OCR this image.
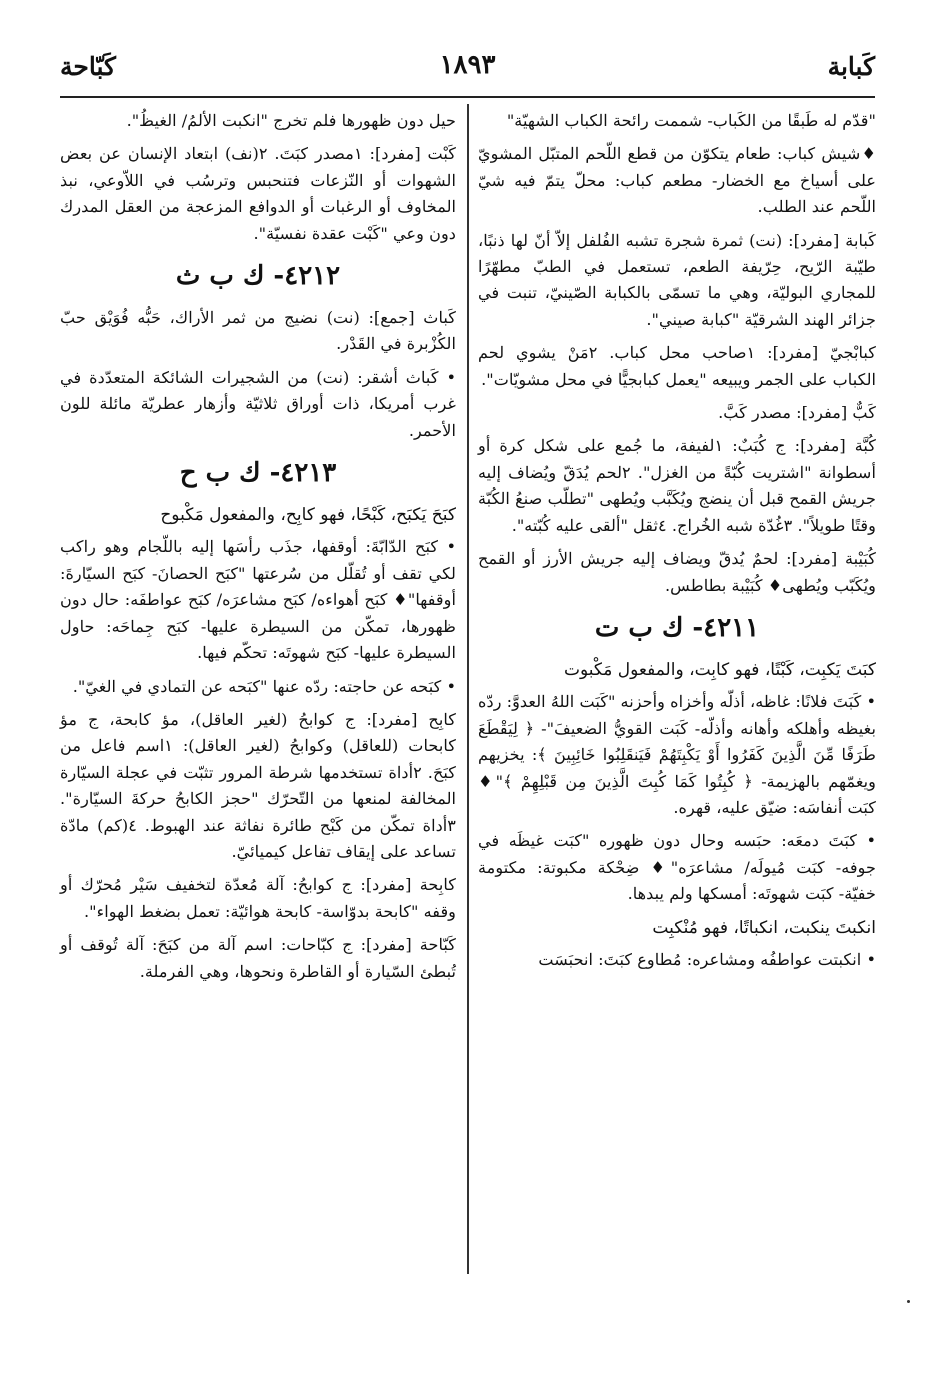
كَبابة
١٨٩٣
كَبّاحة

"قدّم له طَبقًا من الكَباب- شممت رائحة الكباب الشهيّة"

♦شيش كباب: طعام يتكوّن من قطع اللّحم المتبّل المشويّ على أسياخ مع الخضار- مطعم كباب: محلّ يتمّ فيه شيّ اللّحم عند الطلب.

كَبابة [مفرد]: (نت) ثمرة شجرة تشبه الفُلفل إلاّ أنّ لها ذنبًا، طيّبة الرّيح، حِرّيفة الطعم، تستعمل في الطبّ مطهّرًا للمجاري البوليّة، وهي ما تسمّى بالكبابة الصّينيّ، تنبت في جزائر الهند الشرقيّة "كبابة صيني".

كبابْجيّ [مفرد]: ١صاحب محل كباب. ٢مَنْ يشوي لحم الكباب على الجمر ويبيعه "يعمل كبابجيًّا في محل مشويّات".

كَبٌّ [مفرد]: مصدر كَبَّ.

كُبَّة [مفرد]: ج كُبَبٌ: ١لفيفة، ما جُمع على شكل كرة أو أسطوانة "اشتريت كُبّةً من الغزل". ٢لحم يُدَقّ ويُضاف إليه جريش القمح قبل أن ينضج ويُكَبَّب ويُطهى "تطلّب صنعُ الكُبّة وقتًا طويلاً". ٣غُدّة شبه الخُراج. ٤ثقل "ألقى عليه كُبّته".

كُبَيْبة [مفرد]: لحمٌ يُدقّ ويضاف إليه جريش الأرز أو القمح ويُكَبّب ويُطهى♦ كُبَيْبة بطاطس.

٤٢١١- ك ب ت

كبَتَ يَكبِت، كَبْتًا، فهو كابِت، والمفعول مَكْبوت

• كَبَتَ فلانًا: غاظه، أذلّه وأخزاه وأحزنه "كَبَت اللهُ العدوَّ: ردّه بغيظه وأهلكه وأهانه وأذلّه- كَبَت القويُّ الضعيفَ"- ﴿ لِيَقْطَعَ طَرَفًا مِّنَ الَّذِينَ كَفَرُوا أَوْ يَكْبِتَهُمْ فَيَنقَلِبُوا خَائِبِينَ ﴾: يخزيهم ويغمّهم بالهزيمة- ﴿ كُبِتُوا كَمَا كُبِتَ الَّذِينَ مِن قَبْلِهِمْ ﴾"♦ كبَت أنفاسَه: ضيّق عليه، قهره.

• كبَتَ دمعَه: حبَسه وحال دون ظهوره "كبَت غيظَه في جوفه- كبَت مُيولَه/ مشاعرَه"♦ ضِحْكة مكبوتة: مكتومة خفيّة- كبَت شهوتَه: أمسكها ولم يبدها.

انكبتَ ينكبت، انكباتًا، فهو مُنْكبِت

• انكبتت عواطفُه ومشاعره: مُطاوع كبَتَ: انحبَسَت

حيل دون ظهورها فلم تخرج "انكبت الألمُ/ الغيظُ".

كَبْت [مفرد]: ١مصدر كبَتَ. ٢(نف) ابتعاد الإنسان عن بعض الشهوات أو النّزعات فتنحبس وترسُب في اللاّوعي، نبذ المخاوف أو الرغبات أو الدوافع المزعجة من العقل المدرك دون وعي "كَبْت عقدة نفسيّة".

٤٢١٢- ك ب ث

كَباث [جمع]: (نت) نضيج من ثمر الأراك، حَبُّه فُوَيْق حبّ الكُزْبرة في القَدْر.

• كَباث أشقر: (نت) من الشجيرات الشائكة المتعدّدة في غرب أمريكا، ذات أوراق ثلاثيّة وأزهار عطريّة مائلة للون الأحمر.

٤٢١٣- ك ب ح

كبَحَ يَكبَح، كَبْحًا، فهو كابِح، والمفعول مَكْبوح

• كبَح الدّابّةَ: أوقفها، جذَب رأسَها إليه باللّجام وهو راكب لكي تقف أو تُقلّل من سُرعتها "كبَح الحصانَ- كبَح السيّارةَ: أوقفها"♦ كبَح أهواءه/ كبَح مشاعرَه/ كبَح عواطفَه: حال دون ظهورها، تمكّن من السيطرة عليها- كبَح جِماحَه: حاول السيطرة عليها- كبَح شهوتَه: تحكّم فيها.

• كبَحه عن حاجته: ردّه عنها "كبَحه عن التمادي في الغيّ".

كابِح [مفرد]: ج كوابحُ (لغير العاقل)، مؤ كابحة، ج مؤ كابحات (للعاقل) وكوابحُ (لغير العاقل): ١اسم فاعل من كبَحَ. ٢أداة تستخدمها شرطة المرور تثبّت في عجلة السيّارة المخالفة لمنعها من التّحرّك "حجز الكابحُ حركةَ السيّارة". ٣أداة تمكّن من كَبْح طائرة نفاثة عند الهبوط. ٤(كم) مادّة تساعد على إيقاف تفاعل كيميائيّ.

كابِحة [مفرد]: ج كوابحُ: آلة مُعدّة لتخفيف سَيْر مُحرّك أو وقفه "كابحة بدوّاسة- كابحة هوائيّة: تعمل بضغط الهواء".

كَبّاحة [مفرد]: ج كبّاحات: اسم آلة من كبَحَ: آلة تُوقف أو تُبطئ السّيارة أو القاطرة ونحوها، وهي الفرملة.
